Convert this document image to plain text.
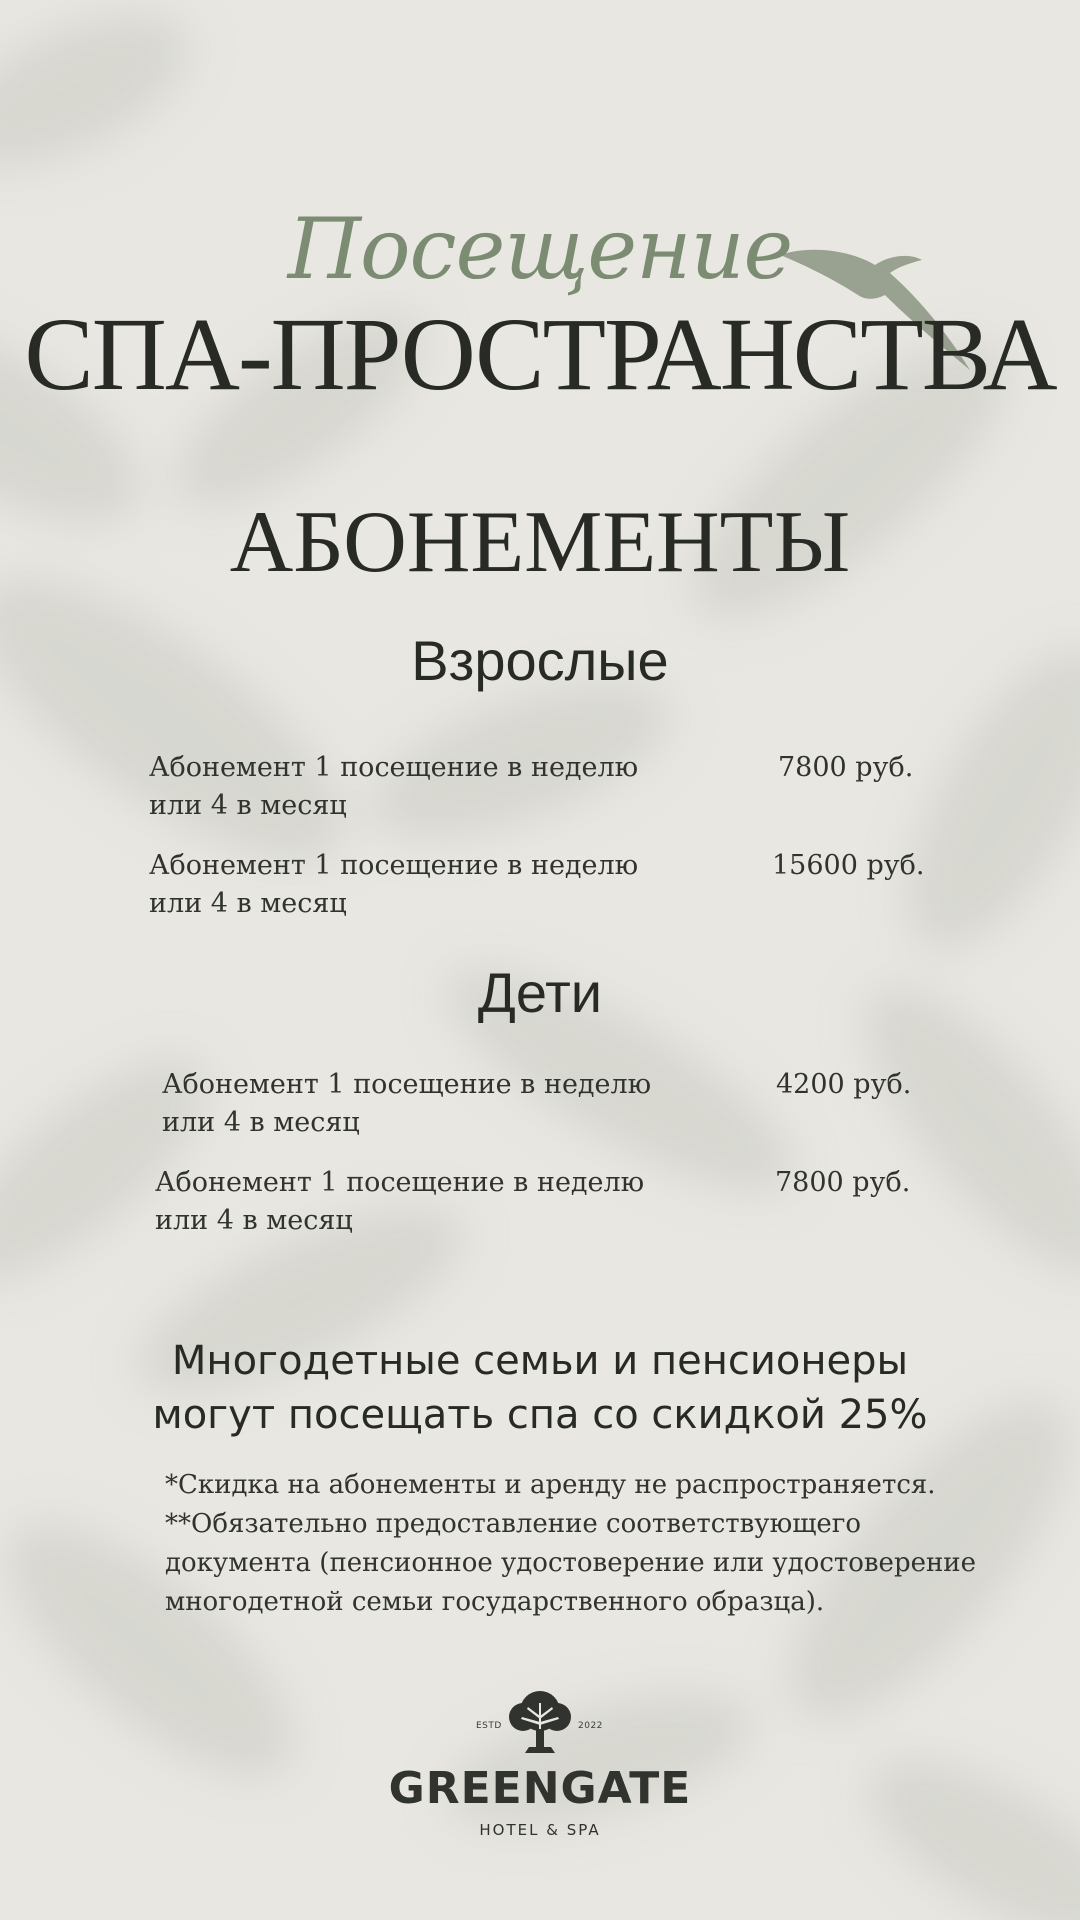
Посещение
СПА-ПРОСТРАНСТВА
АБОНЕМЕНТЫ
Взрослые
Абонемент 1 посещение в неделю
или 4 в месяц
7800 руб.
Абонемент 1 посещение в неделю
или 4 в месяц
15600 руб.
Дети
Абонемент 1 посещение в неделю
или 4 в месяц
4200 руб.
Абонемент 1 посещение в неделю
или 4 в месяц
7800 руб.
Многодетные семьи и пенсионеры
могут посещать спа со скидкой 25%
*Скидка на абонементы и аренду не распространяется.
**Обязательно предоставление соответствующего
документа (пенсионное удостоверение или удостоверение
многодетной семьи государственного образца).
ESTD	2022
GREENGATE
HOTEL & SPA
